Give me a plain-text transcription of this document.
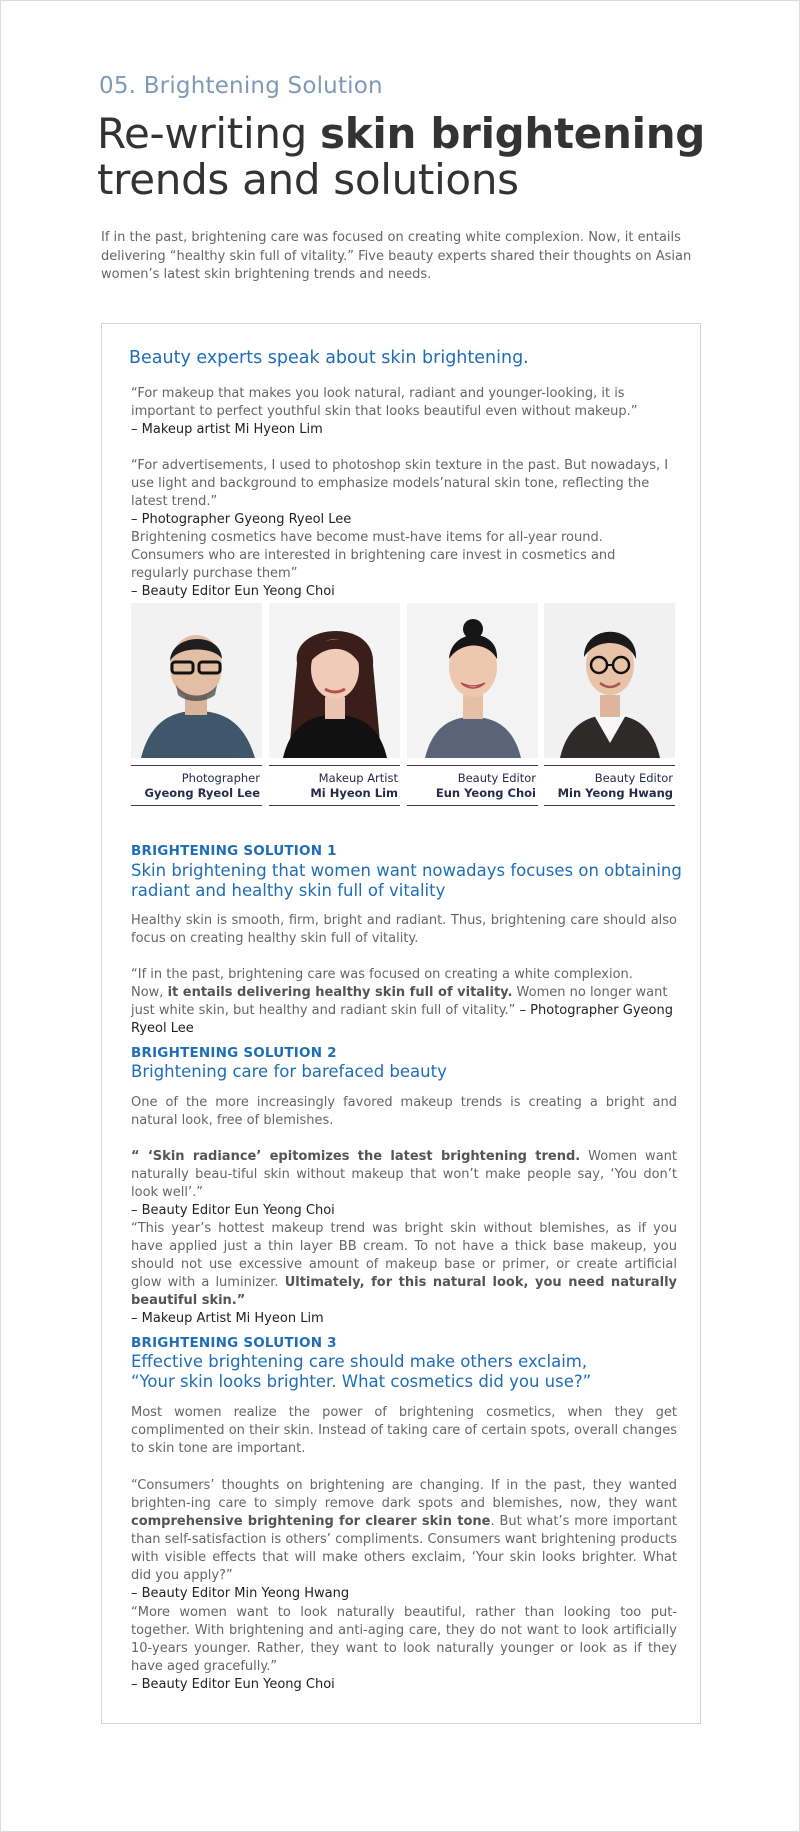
05. Brightening Solution
Re-writing skin brightening
trends and solutions

If in the past, brightening care was focused on creating white complexion. Now, it entails delivering “healthy skin full of vitality.” Five beauty experts shared their thoughts on Asian women’s latest skin brightening trends and needs.

Beauty experts speak about skin brightening.
“For makeup that makes you look natural, radiant and younger-looking, it is important to perfect youthful skin that looks beautiful even without makeup.”
– Makeup artist Mi Hyeon Lim
“For advertisements, I used to photoshop skin texture in the past. But nowadays, I use light and background to emphasize models’natural skin tone, reflecting the latest trend.”
– Photographer Gyeong Ryeol Lee
Brightening cosmetics have become must-have items for all-year round. Consumers who are interested in brightening care invest in cosmetics and regularly purchase them”
– Beauty Editor Eun Yeong Choi
Photographer
Gyeong Ryeol Lee
Makeup Artist
Mi Hyeon Lim
Beauty Editor
Eun Yeong Choi
Beauty Editor
Min Yeong Hwang
BRIGHTENING SOLUTION 1
Skin brightening that women want nowadays focuses on obtaining
radiant and healthy skin full of vitality

Healthy skin is smooth, firm, bright and radiant. Thus, brightening care should also focus on creating healthy skin full of vitality.

“If in the past, brightening care was focused on creating a white complexion.
Now, it entails delivering healthy skin full of vitality. Women no longer want just white skin, but healthy and radiant skin full of vitality.” – Photographer Gyeong Ryeol Lee
BRIGHTENING SOLUTION 2
Brightening care for barefaced beauty

One of the more increasingly favored makeup trends is creating a bright and natural look, free of blemishes.

“ ‘Skin radiance’ epitomizes the latest brightening trend. Women want naturally beau-tiful skin without makeup that won’t make people say, ‘You don’t look well’.”
– Beauty Editor Eun Yeong Choi
“This year’s hottest makeup trend was bright skin without blemishes, as if you have applied just a thin layer BB cream. To not have a thick base makeup, you should not use excessive amount of makeup base or primer, or create artificial glow with a luminizer. Ultimately, for this natural look, you need naturally beautiful skin.”
– Makeup Artist Mi Hyeon Lim
BRIGHTENING SOLUTION 3
Effective brightening care should make others exclaim,
“Your skin looks brighter. What cosmetics did you use?”

Most women realize the power of brightening cosmetics, when they get complimented on their skin. Instead of taking care of certain spots, overall changes to skin tone are important.

“Consumers’ thoughts on brightening are changing. If in the past, they wanted brighten-ing care to simply remove dark spots and blemishes, now, they want comprehensive brightening for clearer skin tone. But what’s more important than self-satisfaction is others’ compliments. Consumers want brightening products with visible effects that will make others exclaim, ‘Your skin looks brighter. What did you apply?”
– Beauty Editor Min Yeong Hwang
“More women want to look naturally beautiful, rather than looking too put-together. With brightening and anti-aging care, they do not want to look artificially 10-years younger. Rather, they want to look naturally younger or look as if they have aged gracefully.”
– Beauty Editor Eun Yeong Choi
